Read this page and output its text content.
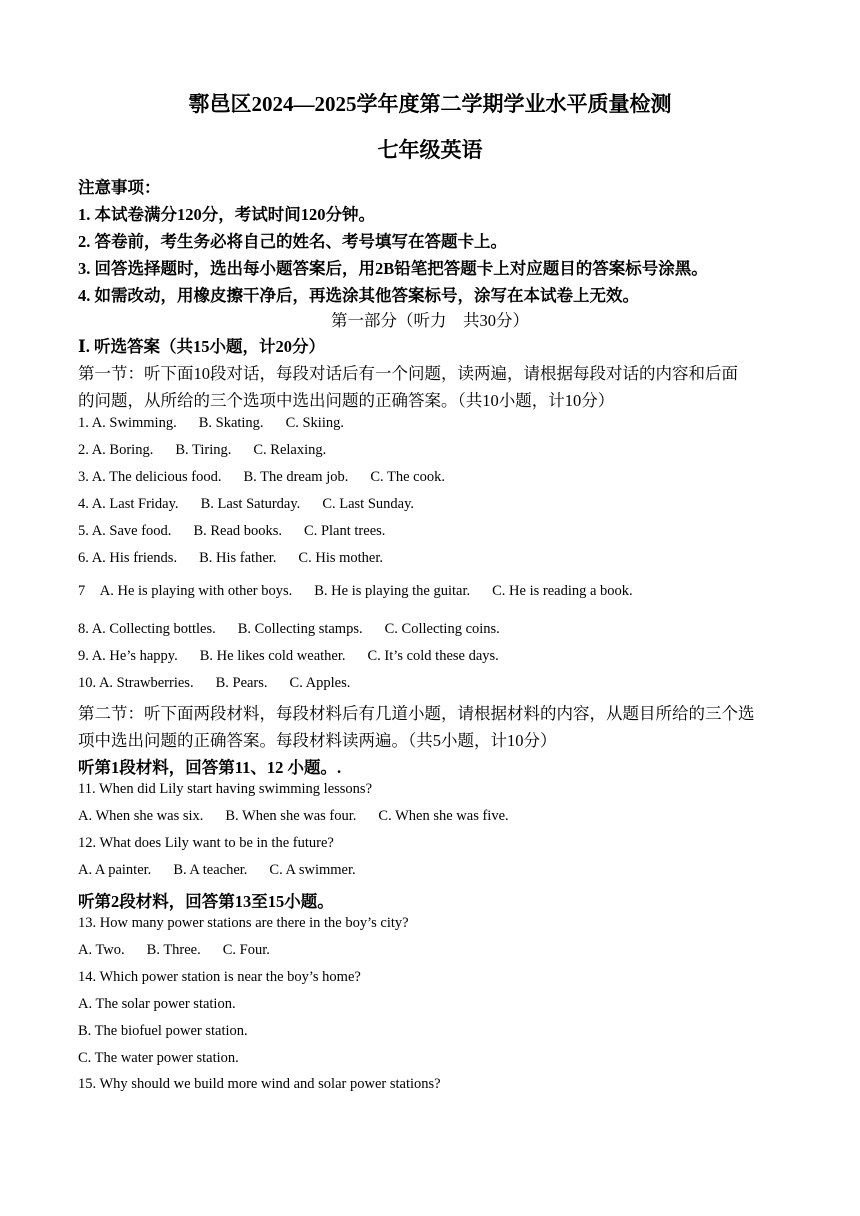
鄠邑区2024—2025学年度第二学期学业水平质量检测
七年级英语
注意事项：
1. 本试卷满分120分，考试时间120分钟。
2. 答卷前，考生务必将自己的姓名、考号填写在答题卡上。
3. 回答选择题时，选出每小题答案后，用2B铅笔把答题卡上对应题目的答案标号涂黑。
4. 如需改动，用橡皮擦干净后，再选涂其他答案标号，涂写在本试卷上无效。
第一部分（听力　共30分）
Ⅰ. 听选答案（共15小题，计20分）
第一节：听下面10段对话，每段对话后有一个问题，读两遍，请根据每段对话的内容和后面
的问题，从所给的三个选项中选出问题的正确答案。（共10小题，计10分）
1. A. Swimming. B. Skating. C. Skiing.
2. A. Boring. B. Tiring. C. Relaxing.
3. A. The delicious food. B. The dream job. C. The cook.
4. A. Last Friday. B. Last Saturday. C. Last Sunday.
5. A. Save food. B. Read books. C. Plant trees.
6. A. His friends. B. His father. C. His mother.
7　A. He is playing with other boys. B. He is playing the guitar. C. He is reading a book.
8. A. Collecting bottles. B. Collecting stamps. C. Collecting coins.
9. A. He’s happy. B. He likes cold weather. C. It’s cold these days.
10. A. Strawberries. B. Pears. C. Apples.
第二节：听下面两段材料，每段材料后有几道小题，请根据材料的内容，从题目所给的三个选
项中选出问题的正确答案。每段材料读两遍。（共5小题，计10分）
听第1段材料，回答第11、12 小题。.
11. When did Lily start having swimming lessons?
A. When she was six. B. When she was four. C. When she was five.
12. What does Lily want to be in the future?
A. A painter. B. A teacher. C. A swimmer.
听第2段材料，回答第13至15小题。
13. How many power stations are there in the boy’s city?
A. Two. B. Three. C. Four.
14. Which power station is near the boy’s home?
A. The solar power station.
B. The biofuel power station.
C. The water power station.
15. Why should we build more wind and solar power stations?
